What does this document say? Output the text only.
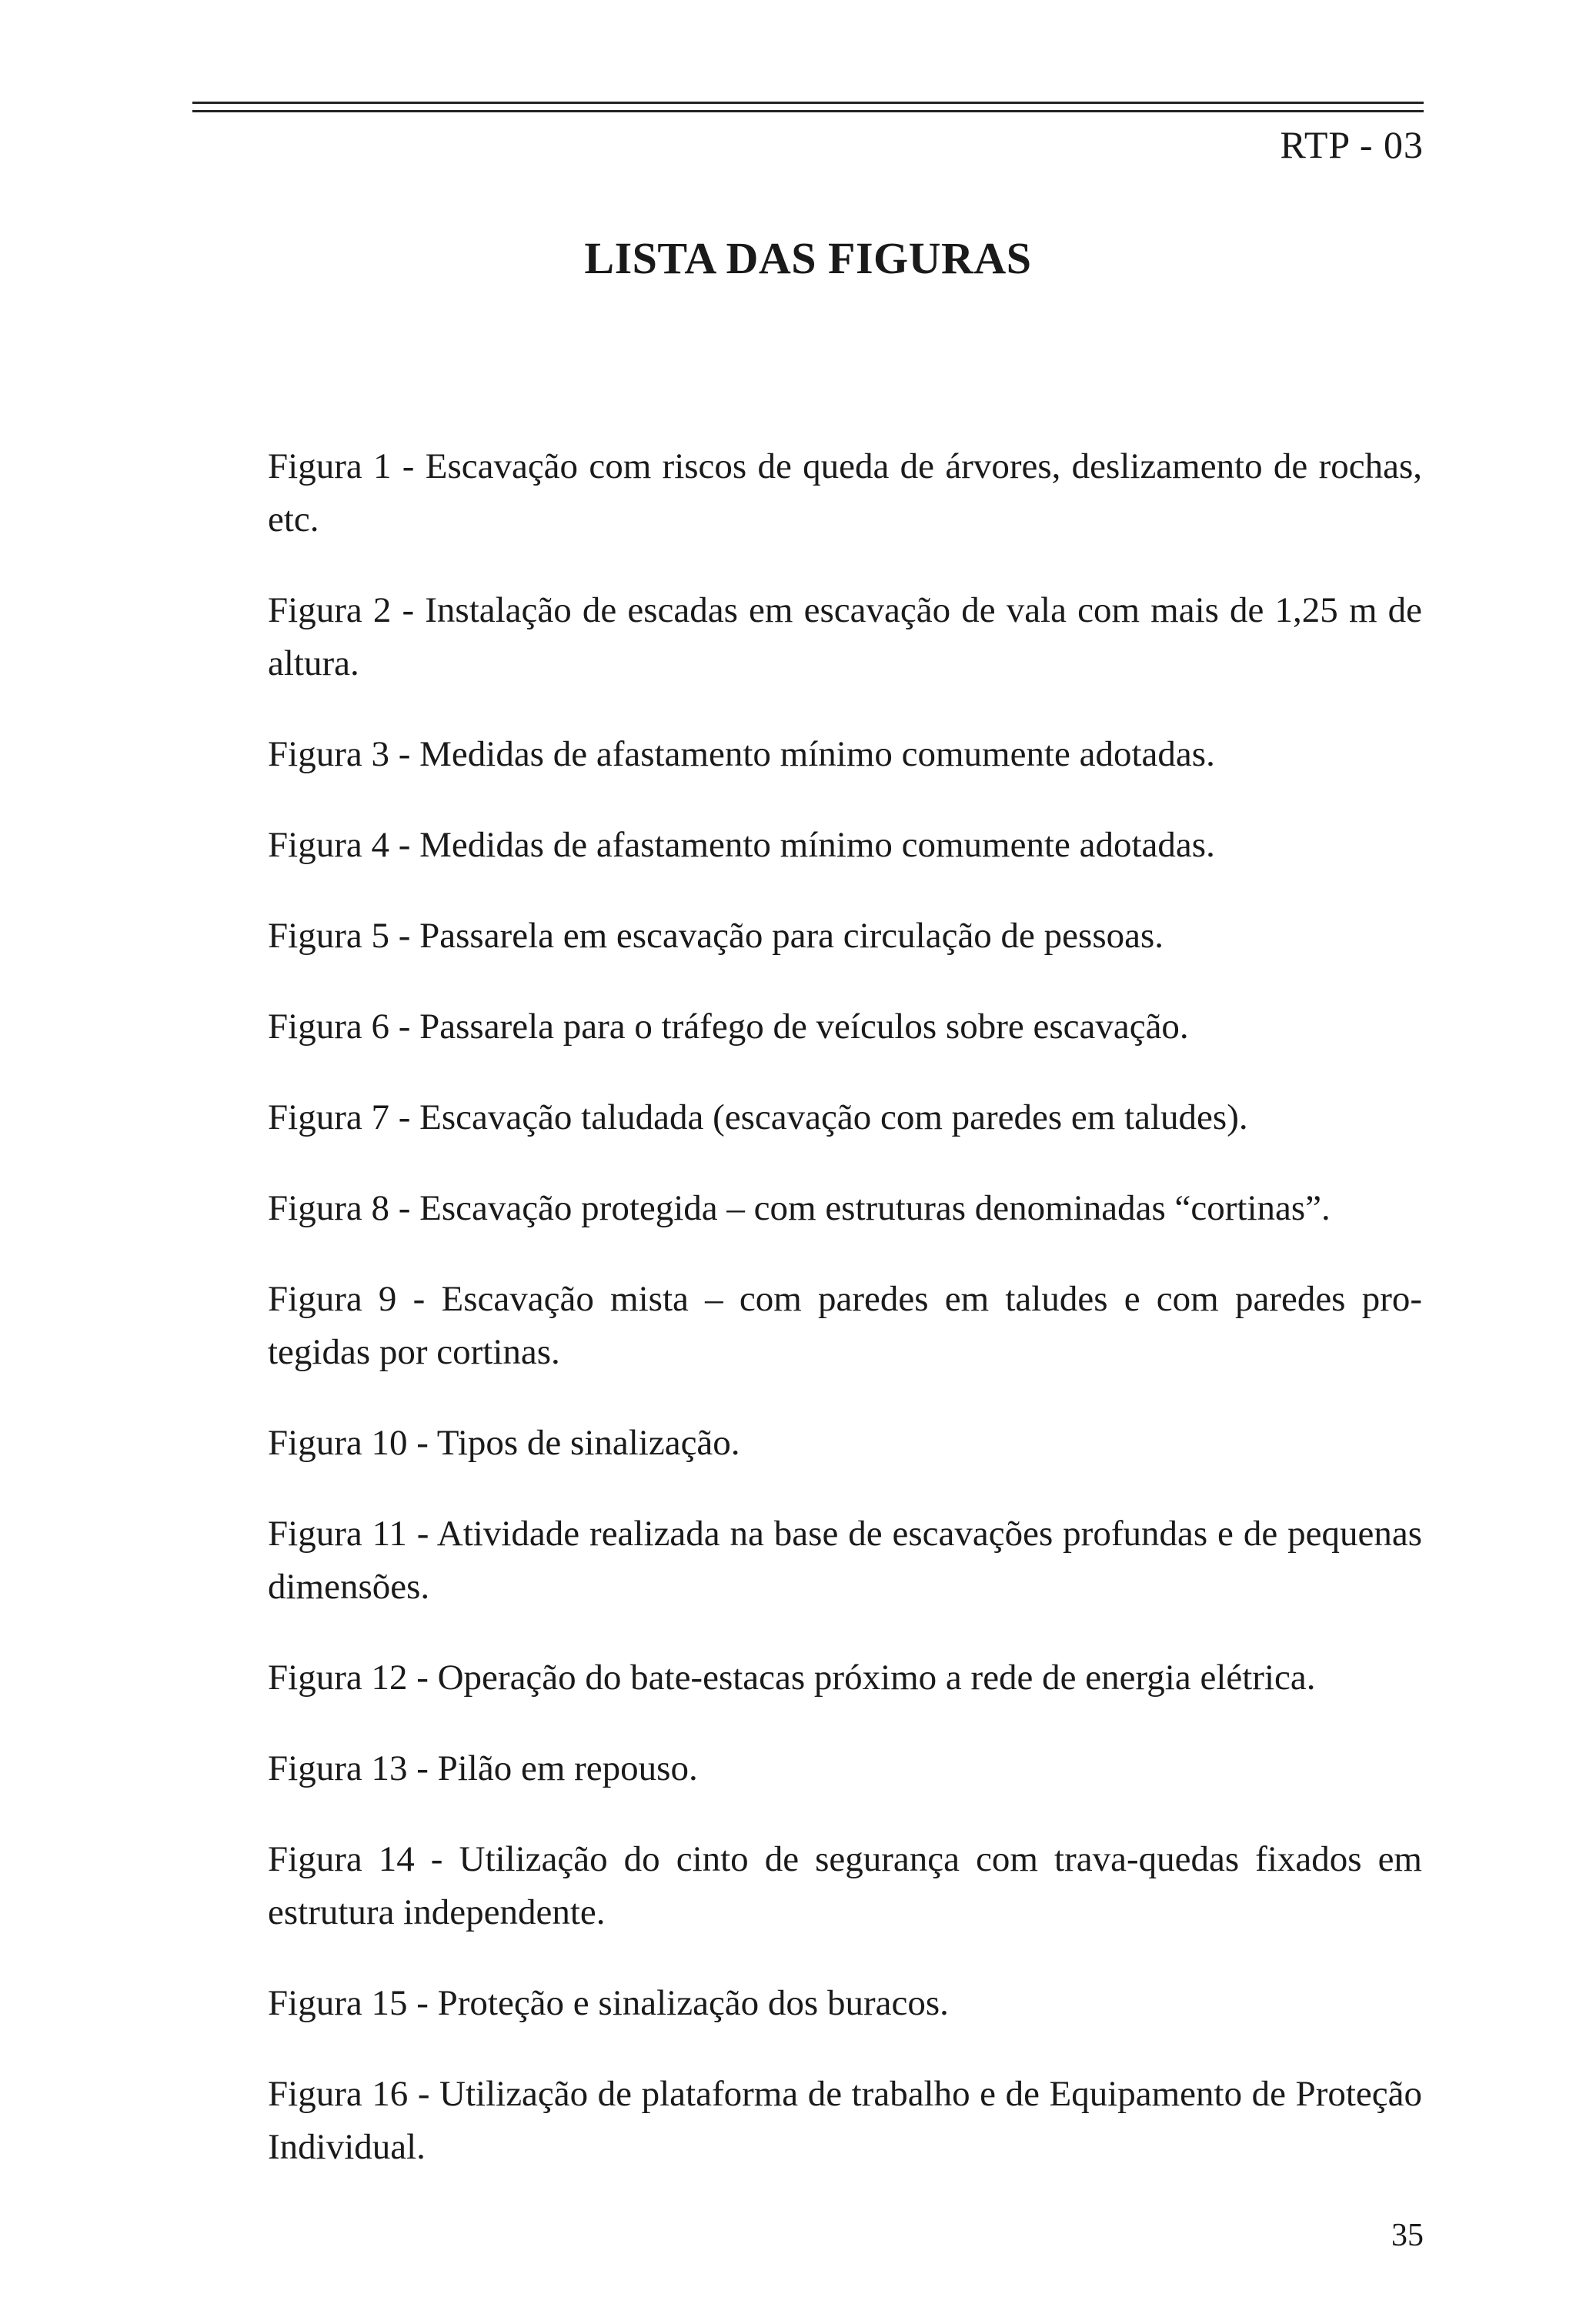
RTP - 03
LISTA DAS FIGURAS
Figura 1 - Escavação com riscos de queda de árvores, deslizamento de rochas, etc.
Figura 2 - Instalação de escadas em escavação de vala com mais de 1,25 m de altura.
Figura 3 - Medidas de afastamento mínimo comumente adotadas.
Figura 4 - Medidas de afastamento mínimo comumente adotadas.
Figura 5 - Passarela em escavação para circulação de pessoas.
Figura 6 - Passarela para o tráfego de veículos sobre escavação.
Figura 7 - Escavação taludada (escavação com paredes em taludes).
Figura 8 - Escavação protegida – com estruturas denominadas “cortinas”.
Figura 9 - Escavação mista – com paredes em taludes e com paredes pro-tegidas por cortinas.
Figura 10 - Tipos de sinalização.
Figura 11 - Atividade realizada na base de escavações profundas e de pequenas dimensões.
Figura 12 - Operação do bate-estacas próximo a rede de energia elétrica.
Figura 13 - Pilão em repouso.
Figura 14 - Utilização do cinto de segurança com trava-quedas fixados em estrutura independente.
Figura 15 - Proteção e sinalização dos buracos.
Figura 16 - Utilização de plataforma de trabalho e de Equipamento de Proteção Individual.
35
